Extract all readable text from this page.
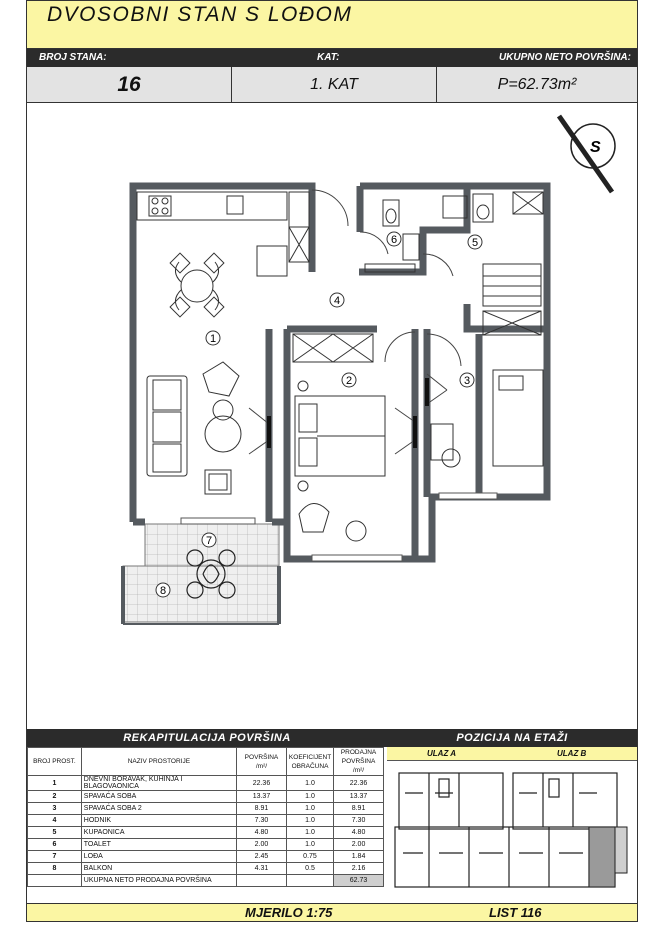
DVOSOBNI STAN S LOĐOM
BROJ STANA:	KAT:	UKUPNO NETO POVRŠINA:
16	1. KAT	P=62.73m²
S
1
2	3
4
5
6
7
8
REKAPITULACIJA POVRŠINA	POZICIJA NA ETAŽI
BROJ PROST.	NAZIV PROSTORIJE	POVRŠINA /m²/	KOEFICIJENT OBRAČUNA	PRODAJNA POVRŠINA /m²/
1	DNEVNI BORAVAK, KUHINJA I BLAGOVAONICA	22.36	1.0	22.36
2	SPAVAĆA SOBA	13.37	1.0	13.37
3	SPAVAĆA SOBA 2	8.91	1.0	8.91
4	HODNIK	7.30	1.0	7.30
5	KUPAONICA	4.80	1.0	4.80
6	TOALET	2.00	1.0	2.00
7	LOĐA	2.45	0.75	1.84
8	BALKON	4.31	0.5	2.16
	UKUPNA NETO PRODAJNA POVRŠINA			62.73
ULAZ A	ULAZ B
MJERILO 1:75	LIST 116
